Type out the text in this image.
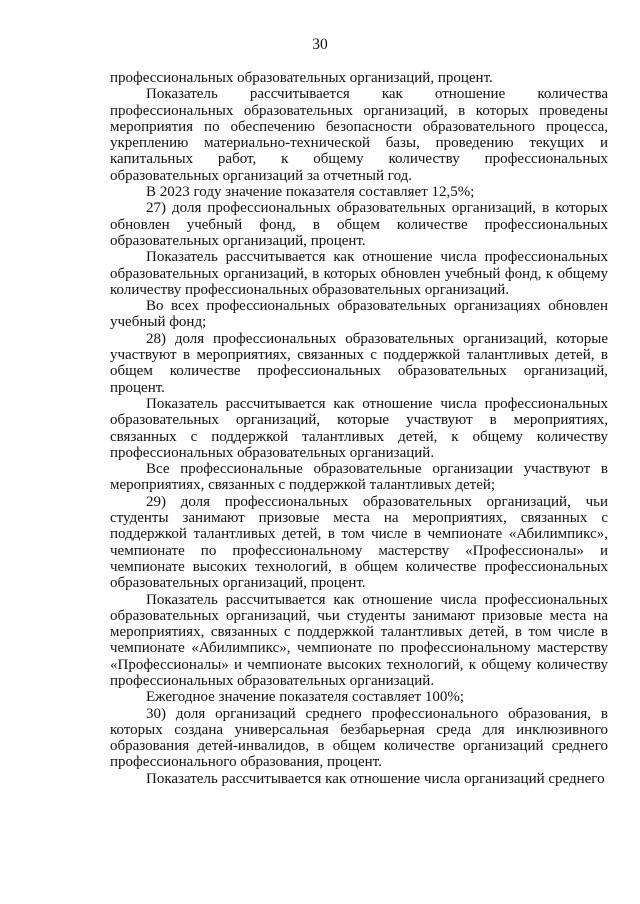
30

профессиональных образовательных организаций, процент.

Показатель рассчитывается как отношение количества профессиональных образовательных организаций, в которых проведены мероприятия по обеспечению безопасности образовательного процесса, укреплению материально-технической базы, проведению текущих и капитальных работ, к общему количеству профессиональных образовательных организаций за отчетный год.

В 2023 году значение показателя составляет 12,5%;

27) доля профессиональных образовательных организаций, в которых обновлен учебный фонд, в общем количестве профессиональных образовательных организаций, процент.

Показатель рассчитывается как отношение числа профессиональных образовательных организаций, в которых обновлен учебный фонд, к общему количеству профессиональных образовательных организаций.

Во всех профессиональных образовательных организациях обновлен учебный фонд;

28) доля профессиональных образовательных организаций, которые участвуют в мероприятиях, связанных с поддержкой талантливых детей, в общем количестве профессиональных образовательных организаций, процент.

Показатель рассчитывается как отношение числа профессиональных образовательных организаций, которые участвуют в мероприятиях, связанных с поддержкой талантливых детей, к общему количеству профессиональных образовательных организаций.

Все профессиональные образовательные организации участвуют в мероприятиях, связанных с поддержкой талантливых детей;

29) доля профессиональных образовательных организаций, чьи студенты занимают призовые места на мероприятиях, связанных с поддержкой талантливых детей, в том числе в чемпионате «Абилимпикс», чемпионате по профессиональному мастерству «Профессионалы» и чемпионате высоких технологий, в общем количестве профессиональных образовательных организаций, процент.

Показатель рассчитывается как отношение числа профессиональных образовательных организаций, чьи студенты занимают призовые места на мероприятиях, связанных с поддержкой талантливых детей, в том числе в чемпионате «Абилимпикс», чемпионате по профессиональному мастерству «Профессионалы» и чемпионате высоких технологий, к общему количеству профессиональных образовательных организаций.

Ежегодное значение показателя составляет 100%;

30) доля организаций среднего профессионального образования, в которых создана универсальная безбарьерная среда для инклюзивного образования детей-инвалидов, в общем количестве организаций среднего профессионального образования, процент.

Показатель рассчитывается как отношение числа организаций среднего
